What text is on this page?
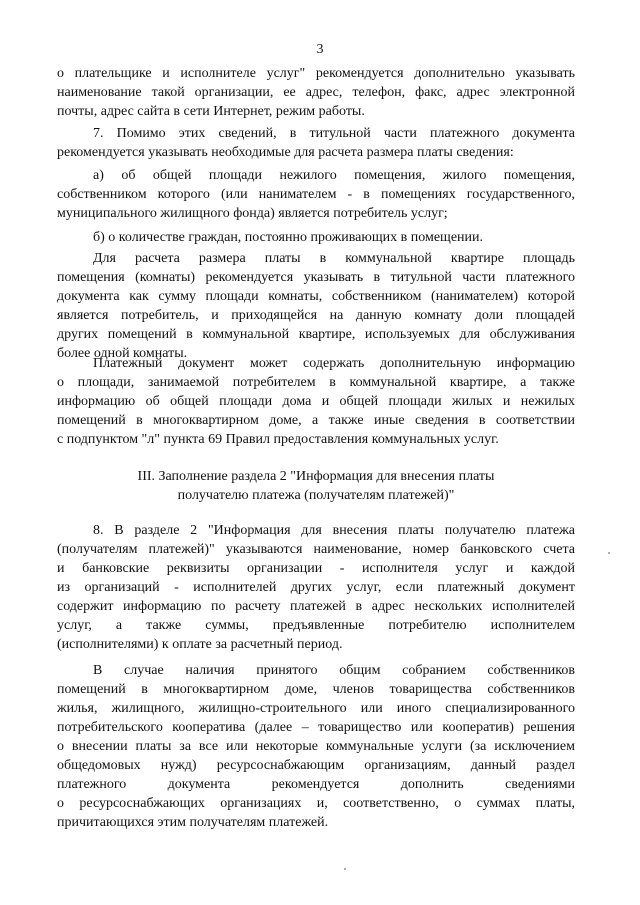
3
о плательщике и исполнителе услуг" рекомендуется дополнительно указывать
наименование такой организации, ее адрес, телефон, факс, адрес электронной
почты, адрес сайта в сети Интернет, режим работы.
7. Помимо этих сведений, в титульной части платежного документа
рекомендуется указывать необходимые для расчета размера платы сведения:
а) об общей площади нежилого помещения, жилого помещения,
собственником которого (или нанимателем - в помещениях государственного,
муниципального жилищного фонда) является потребитель услуг;
б) о количестве граждан, постоянно проживающих в помещении.
Для расчета размера платы в коммунальной квартире площадь
помещения (комнаты) рекомендуется указывать в титульной части платежного
документа как сумму площади комнаты, собственником (нанимателем) которой
является потребитель, и приходящейся на данную комнату доли площадей
других помещений в коммунальной квартире, используемых для обслуживания
более одной комнаты.
Платежный документ может содержать дополнительную информацию
о площади, занимаемой потребителем в коммунальной квартире, а также
информацию об общей площади дома и общей площади жилых и нежилых
помещений в многоквартирном доме, а также иные сведения в соответствии
с подпунктом "л" пункта 69 Правил предоставления коммунальных услуг.
III. Заполнение раздела 2 "Информация для внесения платы
получателю платежа (получателям платежей)"
8. В разделе 2 "Информация для внесения платы получателю платежа
(получателям платежей)" указываются наименование, номер банковского счета
и банковские реквизиты организации - исполнителя услуг и каждой
из организаций - исполнителей других услуг, если платежный документ
содержит информацию по расчету платежей в адрес нескольких исполнителей
услуг, а также суммы, предъявленные потребителю исполнителем
(исполнителями) к оплате за расчетный период.
В случае наличия принятого общим собранием собственников
помещений в многоквартирном доме, членов товарищества собственников
жилья, жилищного, жилищно-строительного или иного специализированного
потребительского кооператива (далее – товарищество или кооператив) решения
о внесении платы за все или некоторые коммунальные услуги (за исключением
общедомовых нужд) ресурсоснабжающим организациям, данный раздел
платежного документа рекомендуется дополнить сведениями
о ресурсоснабжающих организациях и, соответственно, о суммах платы,
причитающихся этим получателям платежей.
